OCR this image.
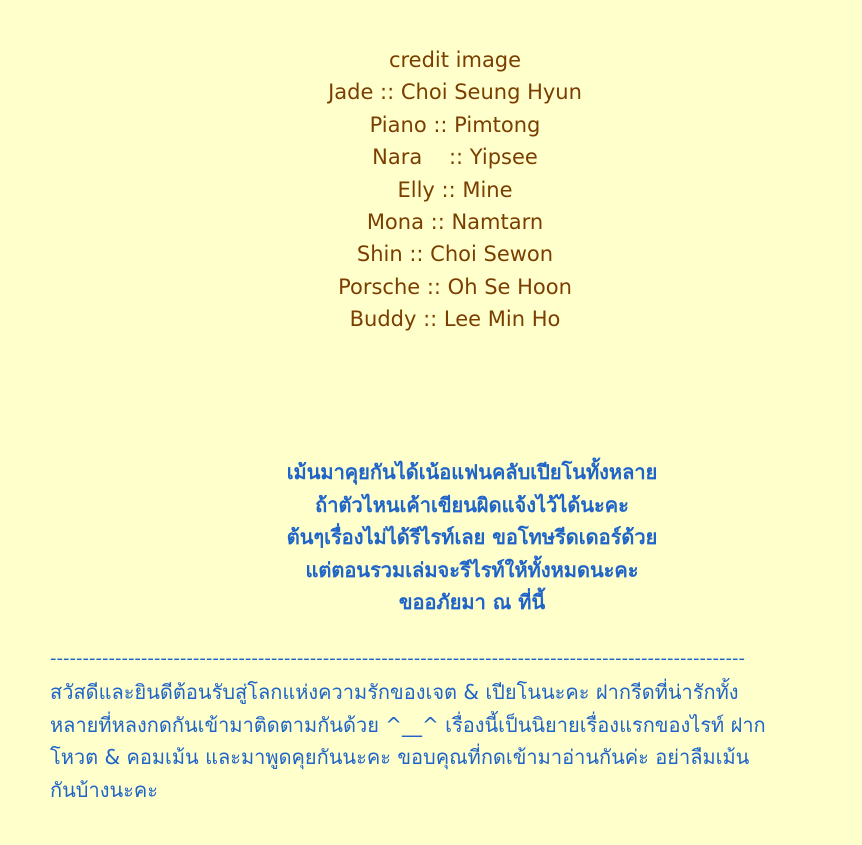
credit image
Jade :: Choi Seung Hyun
Piano :: Pimtong
Nara    :: Yipsee
Elly :: Mine
Mona :: Namtarn
Shin :: Choi Sewon
Porsche :: Oh Se Hoon
Buddy :: Lee Min Ho
เม้นมาคุยกันได้เน้อแฟนคลับเปียโนทั้งหลาย
ถ้าตัวไหนเค้าเขียนผิดแจ้งไว้ได้นะคะ
ต้นๆเรื่องไม่ได้รีไรท์เลย ขอโทษรีดเดอร์ด้วย
แต่ตอนรวมเล่มจะรีไรท์ให้ทั้งหมดนะคะ
ขออภัยมา ณ ที่นี้
-----------------------------------------------------------------------------------------------------------
สวัสดีและยินดีต้อนรับสู่โลกแห่งความรักของเจต & เปียโนนะคะ ฝากรีดที่น่ารักทั้ง
หลายที่หลงกดกันเข้ามาติดตามกันด้วย ^__^ เรื่องนี้เป็นนิยายเรื่องแรกของไรท์ ฝาก
โหวต & คอมเม้น และมาพูดคุยกันนะคะ ขอบคุณที่กดเข้ามาอ่านกันค่ะ อย่าลืมเม้น
กันบ้างนะคะ
